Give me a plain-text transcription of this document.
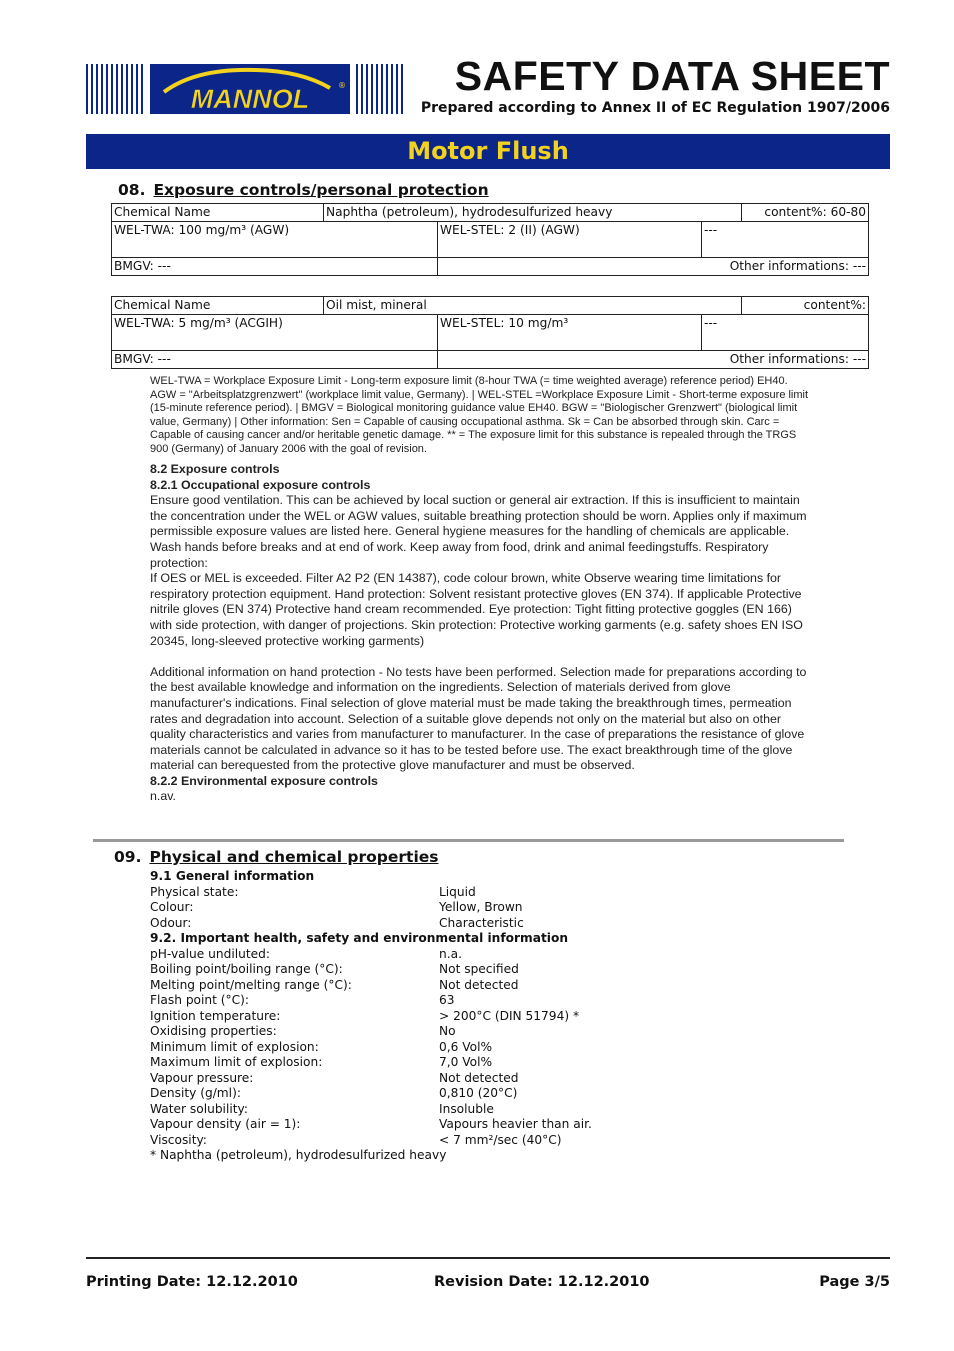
MANNOL	®	SAFETY DATA SHEET
Prepared according to Annex II of EC Regulation 1907/2006
Motor Flush
08. Exposure controls/personal protection
Chemical Name	Naphtha (petroleum), hydrodesulfurized heavy			content%: 60-80
WEL-TWA: 100 mg/m³ (AGW)		WEL-STEL: 2 (II) (AGW)	---	
BMGV: ---		Other informations: ---		
Chemical Name	Oil mist, mineral			content%:
WEL-TWA: 5 mg/m³ (ACGIH)		WEL-STEL: 10 mg/m³	---	
BMGV: ---		Other informations: ---		
WEL-TWA = Workplace Exposure Limit - Long-term exposure limit (8-hour TWA (= time weighted average) reference period) EH40. AGW = "Arbeitsplatzgrenzwert" (workplace limit value, Germany). | WEL-STEL =Workplace Exposure Limit - Short-terme exposure limit (15-minute reference period). | BMGV = Biological monitoring guidance value EH40. BGW = "Biologischer Grenzwert" (biological limit value, Germany) | Other information: Sen = Capable of causing occupational asthma. Sk = Can be absorbed through skin. Carc = Capable of causing cancer and/or heritable genetic damage. ** = The exposure limit for this substance is repealed through the TRGS 900 (Germany) of January 2006 with the goal of revision.
8.2 Exposure controls
8.2.1 Occupational exposure controls

Ensure good ventilation. This can be achieved by local suction or general air extraction. If this is insufficient to maintain the concentration under the WEL or AGW values, suitable breathing protection should be worn. Applies only if maximum permissible exposure values are listed here. General hygiene measures for the handling of chemicals are applicable.

Wash hands before breaks and at end of work. Keep away from food, drink and animal feedingstuffs. Respiratory protection:

If OES or MEL is exceeded. Filter A2 P2 (EN 14387), code colour brown, white Observe wearing time limitations for respiratory protection equipment. Hand protection: Solvent resistant protective gloves (EN 374). If applicable Protective nitrile gloves (EN 374) Protective hand cream recommended. Eye protection: Tight fitting protective goggles (EN 166) with side protection, with danger of projections. Skin protection: Protective working garments (e.g. safety shoes EN ISO 20345, long-sleeved protective working garments)

Additional information on hand protection - No tests have been performed. Selection made for preparations according to the best available knowledge and information on the ingredients. Selection of materials derived from glove manufacturer's indications. Final selection of glove material must be made taking the breakthrough times, permeation rates and degradation into account. Selection of a suitable glove depends not only on the material but also on other quality characteristics and varies from manufacturer to manufacturer. In the case of preparations the resistance of glove materials cannot be calculated in advance so it has to be tested before use. The exact breakthrough time of the glove material can berequested from the protective glove manufacturer and must be observed.

8.2.2 Environmental exposure controls

n.av.

09. Physical and chemical properties
9.1 General information
Physical state:	Liquid
Colour:	Yellow, Brown
Odour:	Characteristic
9.2. Important health, safety and environmental information
pH-value undiluted:	n.a.
Boiling point/boiling range (°C):	Not specified
Melting point/melting range (°C):	Not detected
Flash point (°C):	63
Ignition temperature:	> 200°C (DIN 51794) *
Oxidising properties:	No
Minimum limit of explosion:	0,6 Vol%
Maximum limit of explosion:	7,0 Vol%
Vapour pressure:	Not detected
Density (g/ml):	0,810 (20°C)
Water solubility:	Insoluble
Vapour density (air = 1):	Vapours heavier than air.
Viscosity:	< 7 mm²/sec (40°C)
* Naphtha (petroleum), hydrodesulfurized heavy
Printing Date: 12.12.2010	Revision Date: 12.12.2010	Page 3/5
